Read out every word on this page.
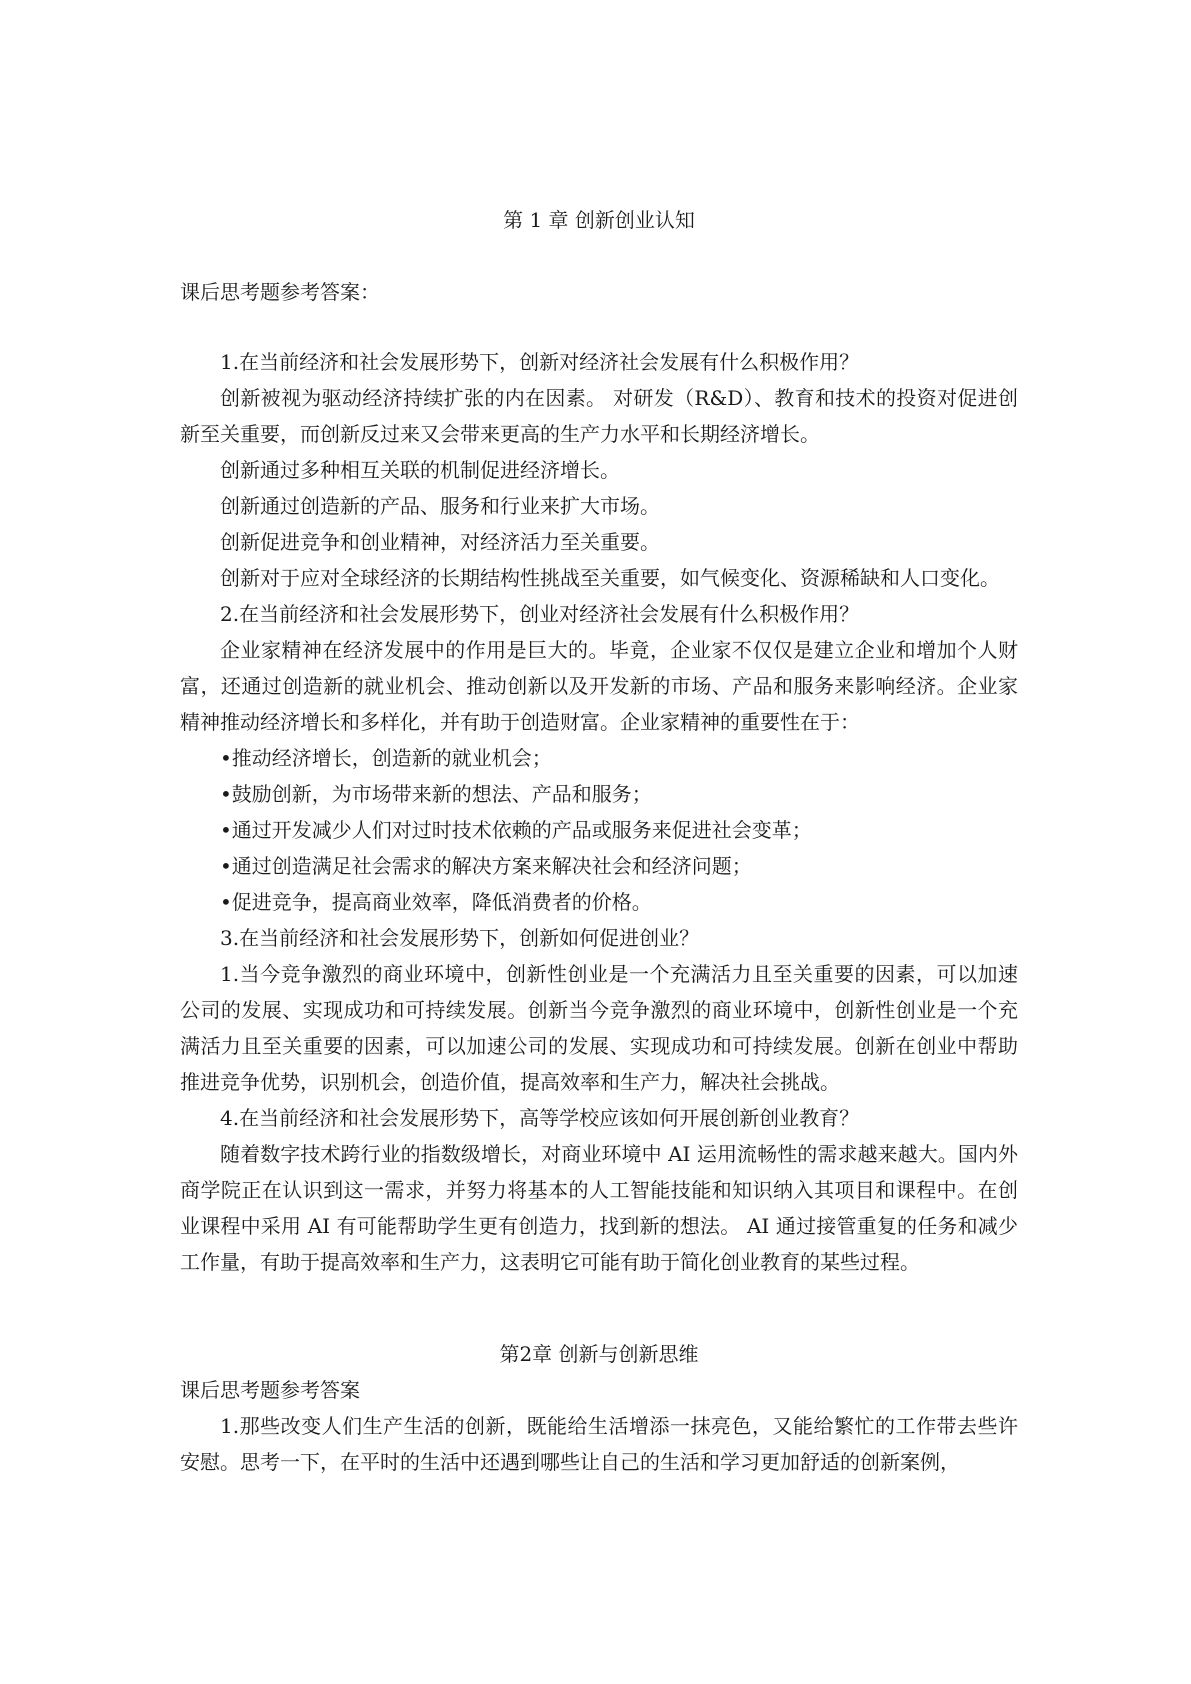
第 1 章 创新创业认知

课后思考题参考答案：

1.在当前经济和社会发展形势下，创新对经济社会发展有什么积极作用？

创新被视为驱动经济持续扩张的内在因素。 对研发（R&D）、教育和技术的投资对促进创新至关重要，而创新反过来又会带来更高的生产力水平和长期经济增长。

创新通过多种相互关联的机制促进经济增长。

创新通过创造新的产品、服务和行业来扩大市场。

创新促进竞争和创业精神，对经济活力至关重要。

创新对于应对全球经济的长期结构性挑战至关重要，如气候变化、资源稀缺和人口变化。

2.在当前经济和社会发展形势下，创业对经济社会发展有什么积极作用？

企业家精神在经济发展中的作用是巨大的。毕竟，企业家不仅仅是建立企业和增加个人财富，还通过创造新的就业机会、推动创新以及开发新的市场、产品和服务来影响经济。企业家精神推动经济增长和多样化，并有助于创造财富。企业家精神的重要性在于：

•推动经济增长，创造新的就业机会；

•鼓励创新，为市场带来新的想法、产品和服务；

•通过开发减少人们对过时技术依赖的产品或服务来促进社会变革；

•通过创造满足社会需求的解决方案来解决社会和经济问题；

•促进竞争，提高商业效率，降低消费者的价格。

3.在当前经济和社会发展形势下，创新如何促进创业？

1.当今竞争激烈的商业环境中，创新性创业是一个充满活力且至关重要的因素，可以加速公司的发展、实现成功和可持续发展。创新当今竞争激烈的商业环境中，创新性创业是一个充满活力且至关重要的因素，可以加速公司的发展、实现成功和可持续发展。创新在创业中帮助推进竞争优势，识别机会，创造价值，提高效率和生产力，解决社会挑战。

4.在当前经济和社会发展形势下，高等学校应该如何开展创新创业教育？

随着数字技术跨行业的指数级增长，对商业环境中 AI 运用流畅性的需求越来越大。国内外商学院正在认识到这一需求，并努力将基本的人工智能技能和知识纳入其项目和课程中。在创业课程中采用 AI 有可能帮助学生更有创造力，找到新的想法。 AI 通过接管重复的任务和减少工作量，有助于提高效率和生产力，这表明它可能有助于简化创业教育的某些过程。

第2章 创新与创新思维

课后思考题参考答案

1.那些改变人们生产生活的创新，既能给生活增添一抹亮色，又能给繁忙的工作带去些许安慰。思考一下，在平时的生活中还遇到哪些让自己的生活和学习更加舒适的创新案例，
